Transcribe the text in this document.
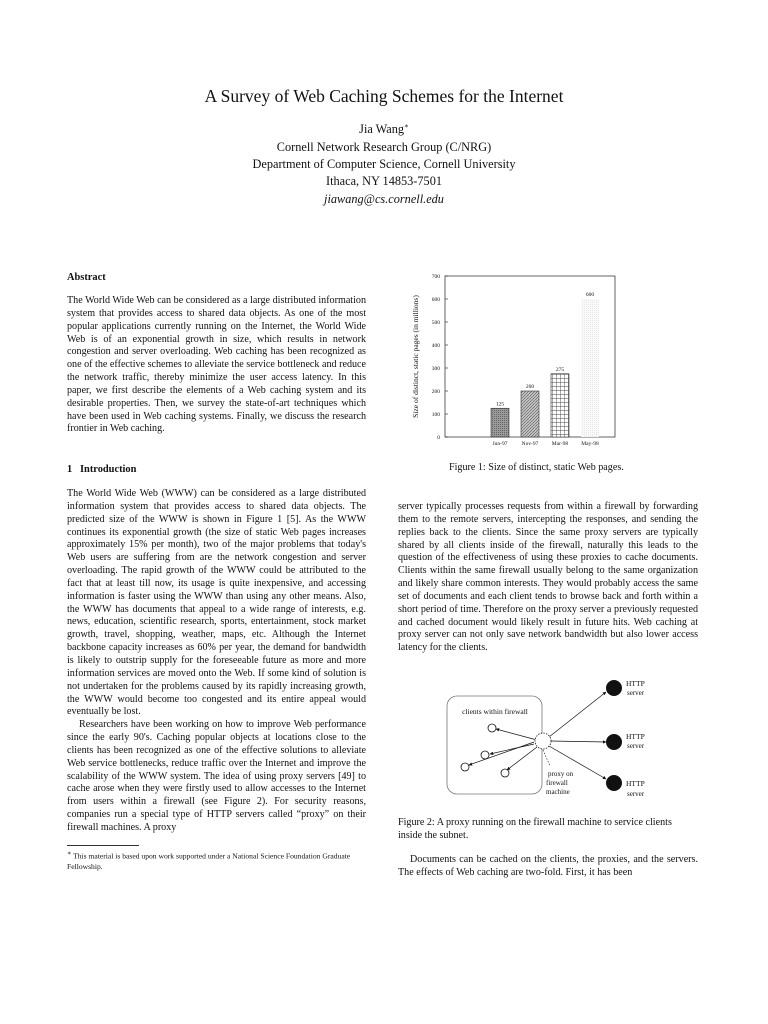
A Survey of Web Caching Schemes for the Internet
Jia Wang∗
Cornell Network Research Group (C/NRG)
Department of Computer Science, Cornell University
Ithaca, NY 14853-7501
jiawang@cs.cornell.edu
Abstract

The World Wide Web can be considered as a large distributed information system that provides access to shared data objects. As one of the most popular applications currently running on the Internet, the World Wide Web is of an exponential growth in size, which results in network congestion and server overloading. Web caching has been recognized as one of the effective schemes to alleviate the service bottleneck and reduce the network traffic, thereby minimize the user access latency. In this paper, we first describe the elements of a Web caching system and its desirable properties. Then, we survey the state-of-art techniques which have been used in Web caching systems. Finally, we discuss the research frontier in Web caching.

1 Introduction

The World Wide Web (WWW) can be considered as a large distributed information system that provides access to shared data objects. The predicted size of the WWW is shown in Figure 1 [5]. As the WWW continues its exponential growth (the size of static Web pages increases approximately 15% per month), two of the major problems that today's Web users are suffering from are the network congestion and server overloading. The rapid growth of the WWW could be attributed to the fact that at least till now, its usage is quite inexpensive, and accessing information is faster using the WWW than using any other means. Also, the WWW has documents that appeal to a wide range of interests, e.g. news, education, scientific research, sports, entertainment, stock market growth, travel, shopping, weather, maps, etc. Although the Internet backbone capacity increases as 60% per year, the demand for bandwidth is likely to outstrip supply for the foreseeable future as more and more information services are moved onto the Web. If some kind of solution is not undertaken for the problems caused by its rapidly increasing growth, the WWW would become too congested and its entire appeal would eventually be lost.

Researchers have been working on how to improve Web performance since the early 90's. Caching popular objects at locations close to the clients has been recognized as one of the effective solutions to alleviate Web service bottlenecks, reduce traffic over the Internet and improve the scalability of the WWW system. The idea of using proxy servers [49] to cache arose when they were firstly used to allow accesses to the Internet from users within a firewall (see Figure 2). For security reasons, companies run a special type of HTTP servers called “proxy” on their firewall machines. A proxy

∗ This material is based upon work supported under a National Science Foundation Graduate Fellowship.
0
100
200
300
400
500
600
700
Size of distinct, static pages (in millions)	125
Jun-97
200
Nov-97
275
Mar-98
600
May-98
Figure 1: Size of distinct, static Web pages.

server typically processes requests from within a firewall by forwarding them to the remote servers, intercepting the responses, and sending the replies back to the clients. Since the same proxy servers are typically shared by all clients inside of the firewall, naturally this leads to the question of the effectiveness of using these proxies to cache documents. Clients within the same firewall usually belong to the same organization and likely share common interests. They would probably access the same set of documents and each client tends to browse back and forth within a short period of time. Therefore on the proxy server a previously requested and cached document would likely result in future hits. Web caching at proxy server can not only save network bandwidth but also lower access latency for the clients.

clients within firewall
proxy on
firewall
machine
HTTP
server
HTTP
server
HTTP
server
Figure 2: A proxy running on the firewall machine to service clients inside the subnet.

Documents can be cached on the clients, the proxies, and the servers. The effects of Web caching are two-fold. First, it has been
